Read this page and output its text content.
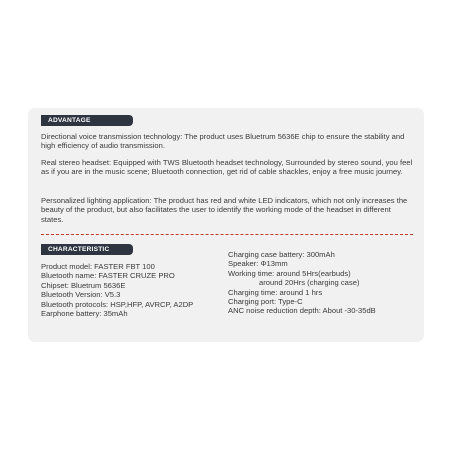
ADVANTAGE

Directional voice transmission technology: The product uses Bluetrum 5636E chip to ensure the stability and high efficiency of audio transmission.

Real stereo headset: Equipped with TWS Bluetooth headset technology, Surrounded by stereo sound, you feel as if you are in the music scene; Bluetooth connection, get rid of cable shackles, enjoy a free music journey.

Personalized lighting application: The product has red and white LED indicators, which not only increases the beauty of the product, but also facilitates the user to identify the working mode of the headset in different states.

CHARACTERISTIC
Product model: FASTER FBT 100
Bluetooth name: FASTER CRUZE PRO
Chipset: Bluetrum 5636E
Bluetooth Version: V5.3
Bluetooth protocols: HSP,HFP, AVRCP, A2DP
Earphone battery: 35mAh
Charging case battery: 300mAh
Speaker: Φ13mm
Working time: around 5Hrs(earbuds)
around 20Hrs (charging case)
Charging time: around 1 hrs
Charging port: Type-C
ANC noise reduction depth: About -30-35dB
